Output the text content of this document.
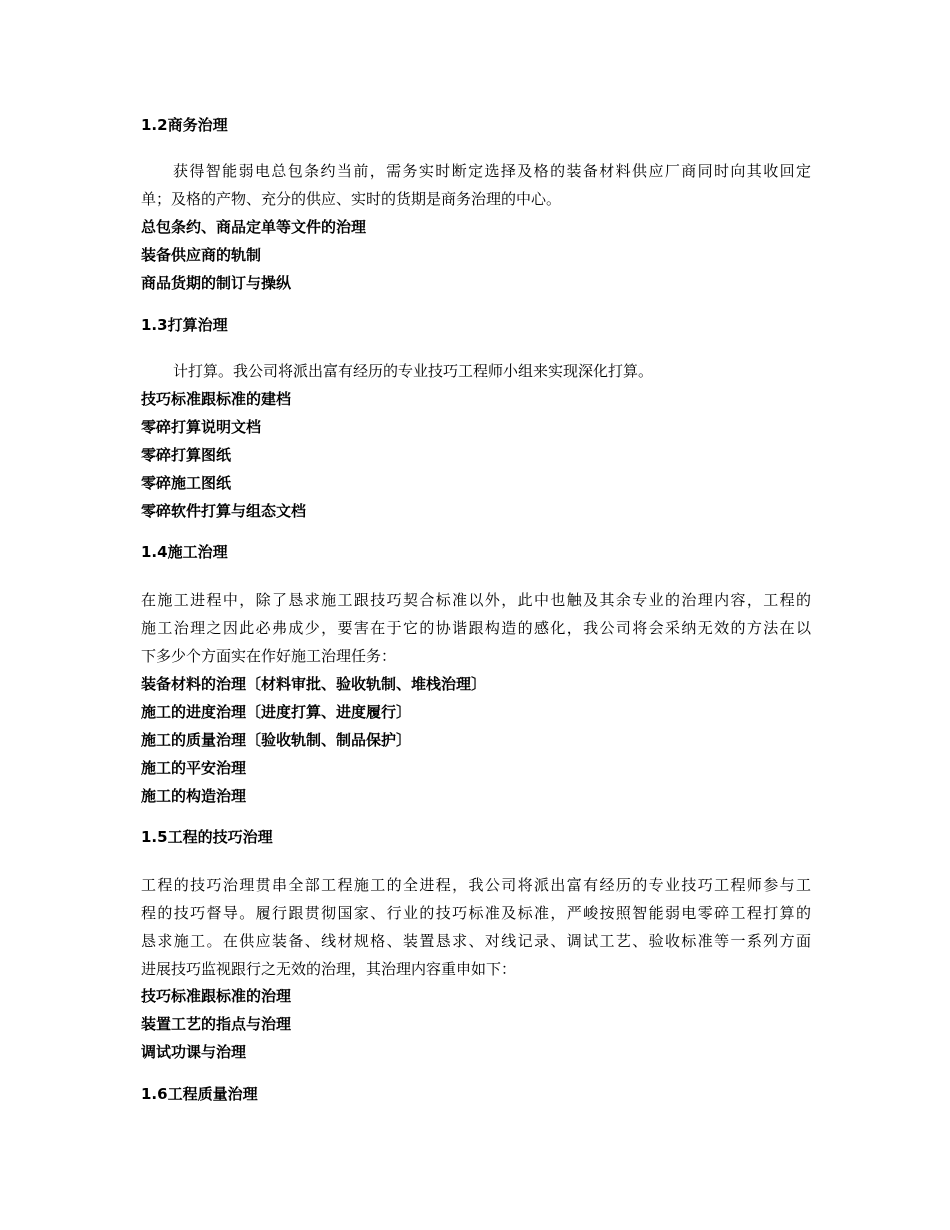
1.2商务治理
获得智能弱电总包条约当前，需务实时断定选择及格的装备材料供应厂商同时向其收回定
单；及格的产物、充分的供应、实时的货期是商务治理的中心。
总包条约、商品定单等文件的治理
装备供应商的轨制
商品货期的制订与操纵
1.3打算治理
计打算。我公司将派出富有经历的专业技巧工程师小组来实现深化打算。
技巧标准跟标准的建档
零碎打算说明文档
零碎打算图纸
零碎施工图纸
零碎软件打算与组态文档
1.4施工治理
在施工进程中，除了恳求施工跟技巧契合标准以外，此中也触及其余专业的治理内容，工程的
施工治理之因此必弗成少，要害在于它的协谐跟构造的感化，我公司将会采纳无效的方法在以
下多少个方面实在作好施工治理任务：
装备材料的治理〔材料审批、验收轨制、堆栈治理〕
施工的进度治理〔进度打算、进度履行〕
施工的质量治理〔验收轨制、制品保护〕
施工的平安治理
施工的构造治理
1.5工程的技巧治理
工程的技巧治理贯串全部工程施工的全进程，我公司将派出富有经历的专业技巧工程师参与工
程的技巧督导。履行跟贯彻国家、行业的技巧标准及标准，严峻按照智能弱电零碎工程打算的
恳求施工。在供应装备、线材规格、装置恳求、对线记录、调试工艺、验收标准等一系列方面
进展技巧监视跟行之无效的治理，其治理内容重申如下：
技巧标准跟标准的治理
装置工艺的指点与治理
调试功课与治理
1.6工程质量治理
